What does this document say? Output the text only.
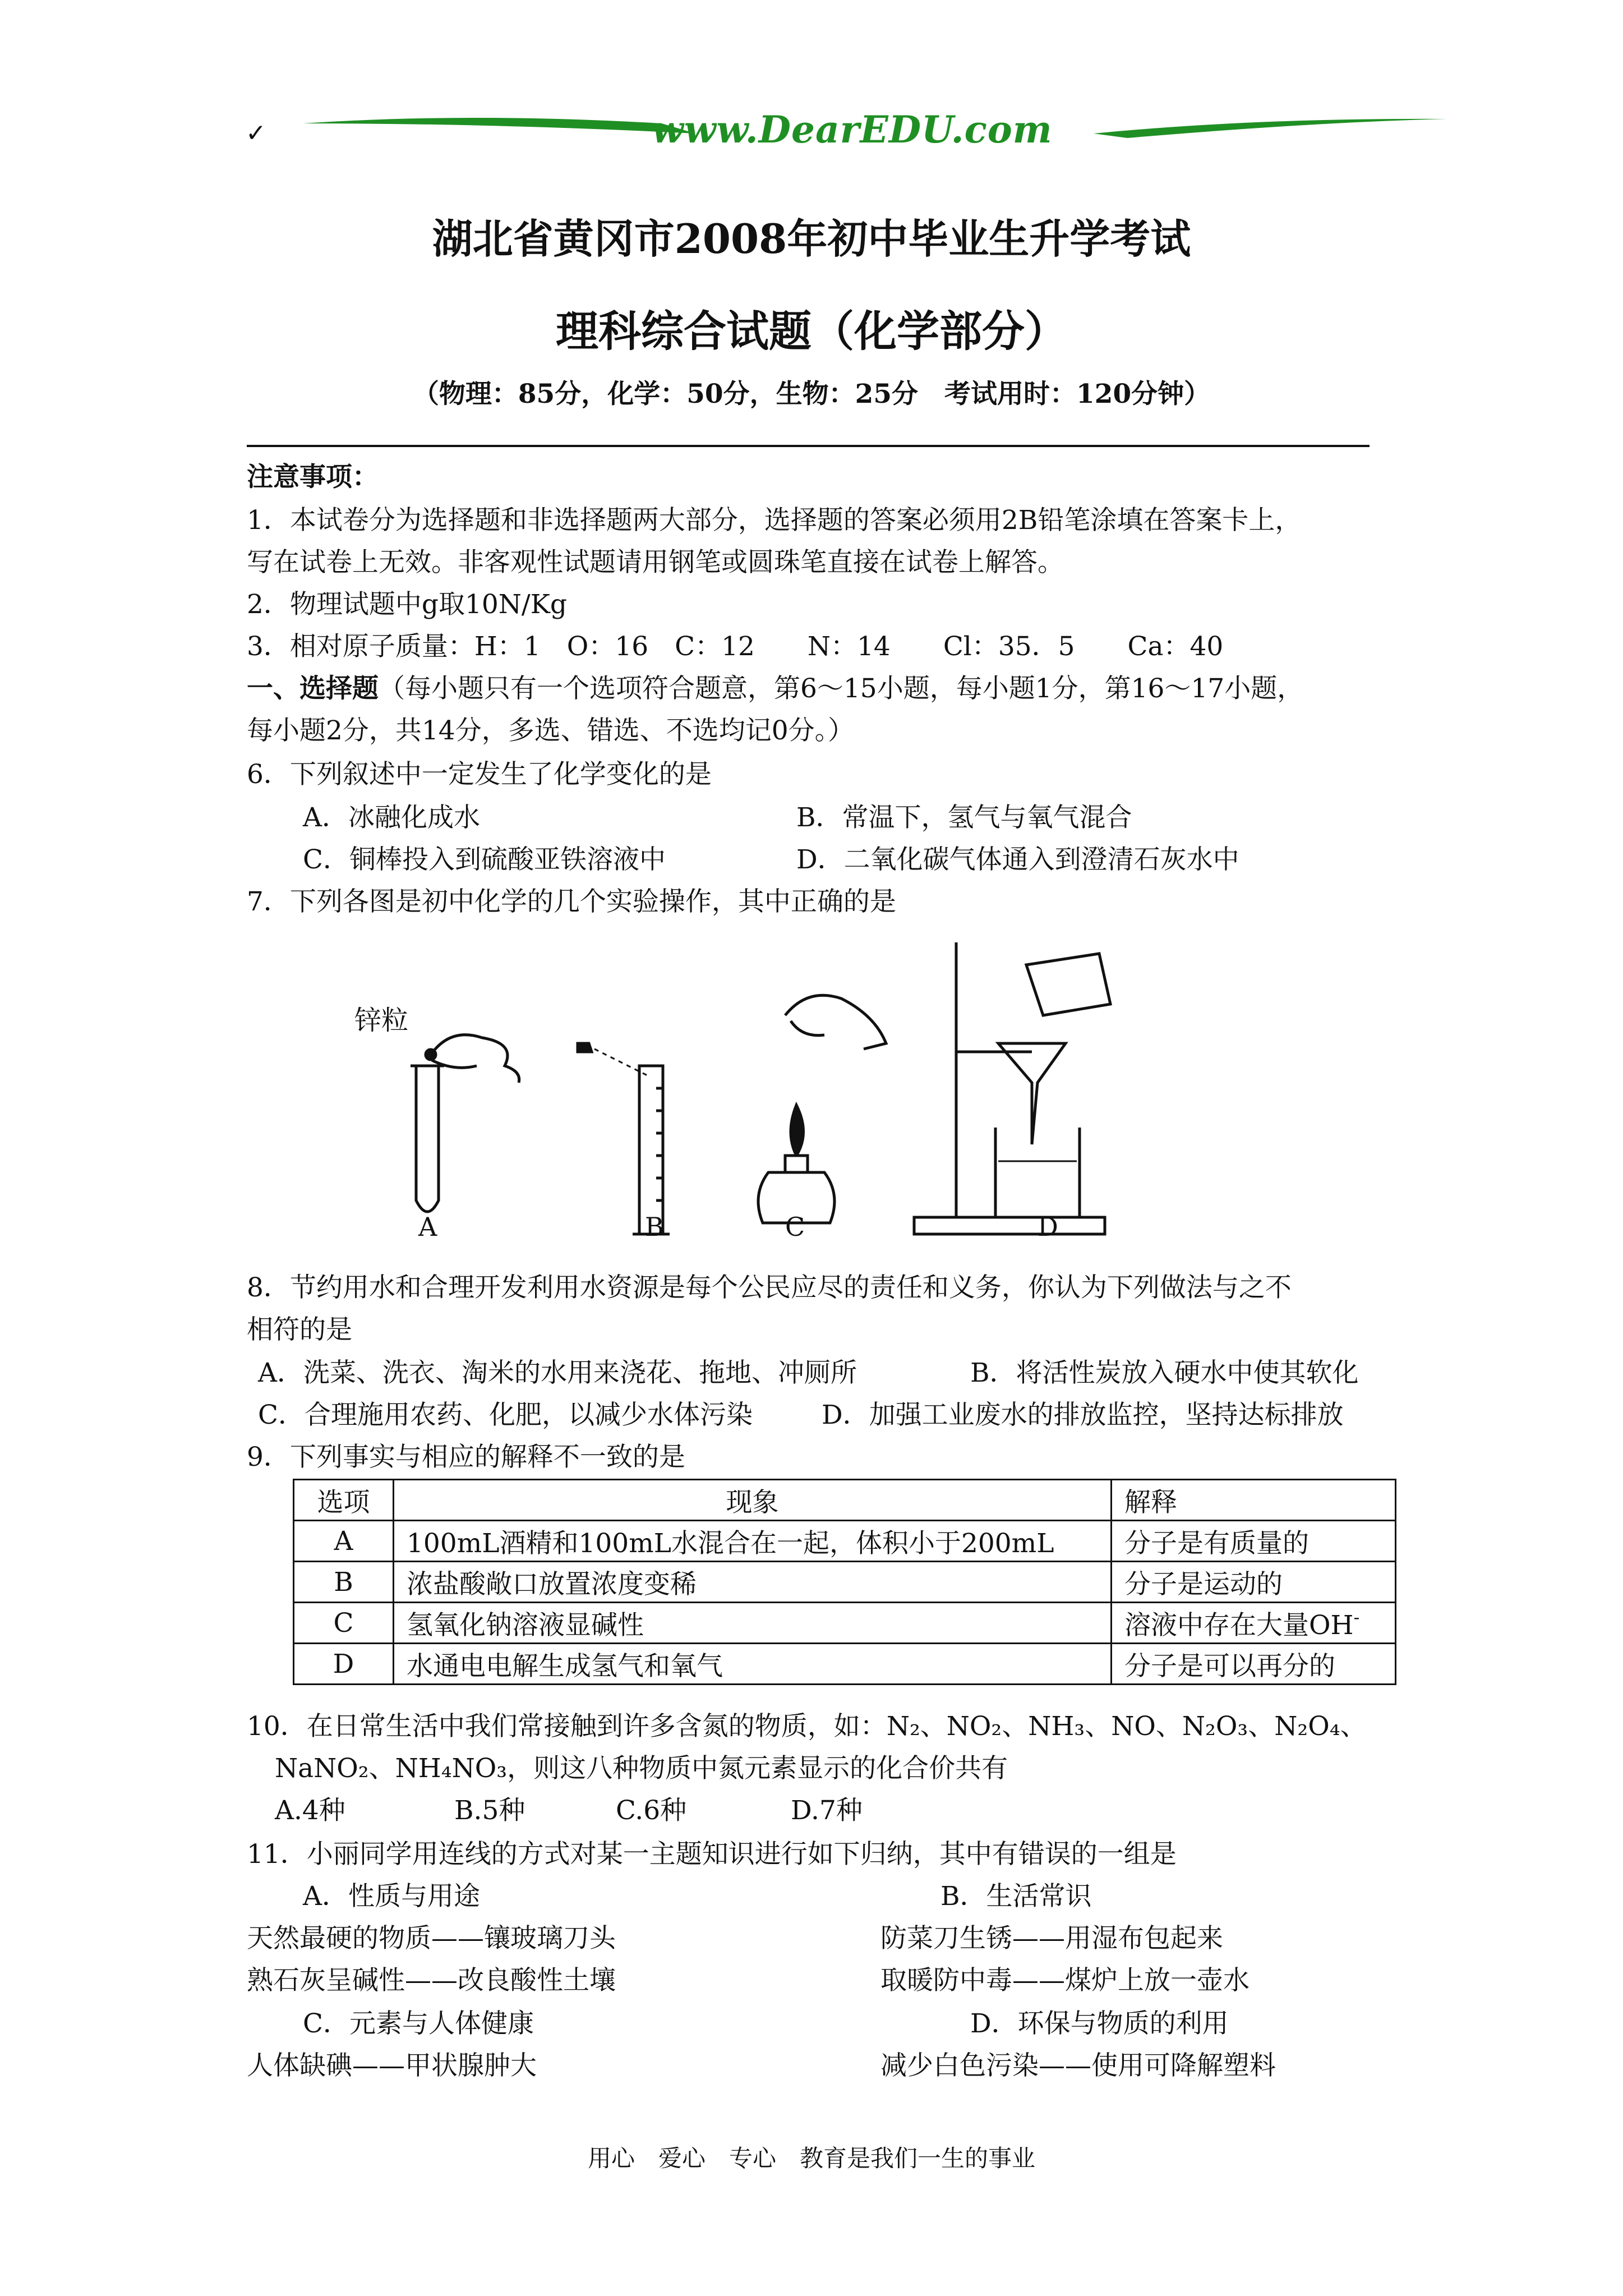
✓	www.DearEDU.com
湖北省黄冈市2008年初中毕业生升学考试
理科综合试题（化学部分）
（物理：85分，化学：50分，生物：25分　考试用时：120分钟）
注意事项：
1．本试卷分为选择题和非选择题两大部分，选择题的答案必须用2B铅笔涂填在答案卡上，
写在试卷上无效。非客观性试题请用钢笔或圆珠笔直接在试卷上解答。
2．物理试题中g取10N/Kg
3．相对原子质量：H：1　O：16　C：12　　N：14　　Cl：35．5　　Ca：40
一、选择题（每小题只有一个选项符合题意，第6～15小题，每小题1分，第16～17小题，
每小题2分，共14分，多选、错选、不选均记0分。）
6．下列叙述中一定发生了化学变化的是
A．冰融化成水	B．常温下，氢气与氧气混合
C．铜棒投入到硫酸亚铁溶液中	D．二氧化碳气体通入到澄清石灰水中
7．下列各图是初中化学的几个实验操作，其中正确的是
锌粒
A	B	C	D
8．节约用水和合理开发利用水资源是每个公民应尽的责任和义务，你认为下列做法与之不
相符的是
A．洗菜、洗衣、淘米的水用来浇花、拖地、冲厕所	B．将活性炭放入硬水中使其软化
C．合理施用农药、化肥，以减少水体污染	D．加强工业废水的排放监控，坚持达标排放
9．下列事实与相应的解释不一致的是
选项	现象	解释
A	100mL酒精和100mL水混合在一起，体积小于200mL	分子是有质量的
B	浓盐酸敞口放置浓度变稀	分子是运动的
C	氢氧化钠溶液显碱性	溶液中存在大量OH-
D	水通电电解生成氢气和氧气	分子是可以再分的
10．在日常生活中我们常接触到许多含氮的物质，如：N₂、NO₂、NH₃、NO、N₂O₃、N₂O₄、
NaNO₂、NH₄NO₃，则这八种物质中氮元素显示的化合价共有
A.4种	B.5种	C.6种	D.7种
11．小丽同学用连线的方式对某一主题知识进行如下归纳，其中有错误的一组是
A．性质与用途	B．生活常识
天然最硬的物质——镶玻璃刀头	防菜刀生锈——用湿布包起来
熟石灰呈碱性——改良酸性土壤	取暖防中毒——煤炉上放一壶水
C．元素与人体健康	D．环保与物质的利用
人体缺碘——甲状腺肿大	减少白色污染——使用可降解塑料
用心　爱心　专心　教育是我们一生的事业
